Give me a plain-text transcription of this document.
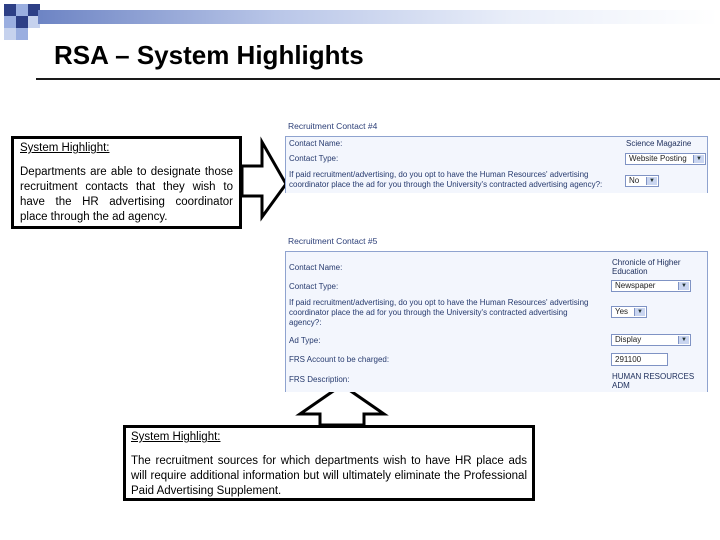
RSA – System Highlights

System Highlight:

Departments are able to designate those recruitment contacts that they wish to have the HR advertising coordinator place through the ad agency.

System Highlight:

The recruitment sources for which departments wish to have HR place ads will require additional information but will ultimately eliminate the Professional Paid Advertising Supplement.

Recruitment Contact #4
Contact Name:	Science Magazine
Contact Type:	Website Posting	▼
If paid recruitment/advertising, do you opt to have the Human Resources' advertising coordinator place the ad for you through the University's contracted advertising agency?:	No	▼
Recruitment Contact #5
Contact Name:
Chronicle of Higher
Education
Contact Type:	Newspaper	▼
If paid recruitment/advertising, do you opt to have the Human Resources' advertising coordinator place the ad for you through the University's contracted advertising agency?:
Yes	▼
Ad Type:	Display	▼
FRS Account to be charged:	291100
FRS Description:	HUMAN RESOURCES
ADM
